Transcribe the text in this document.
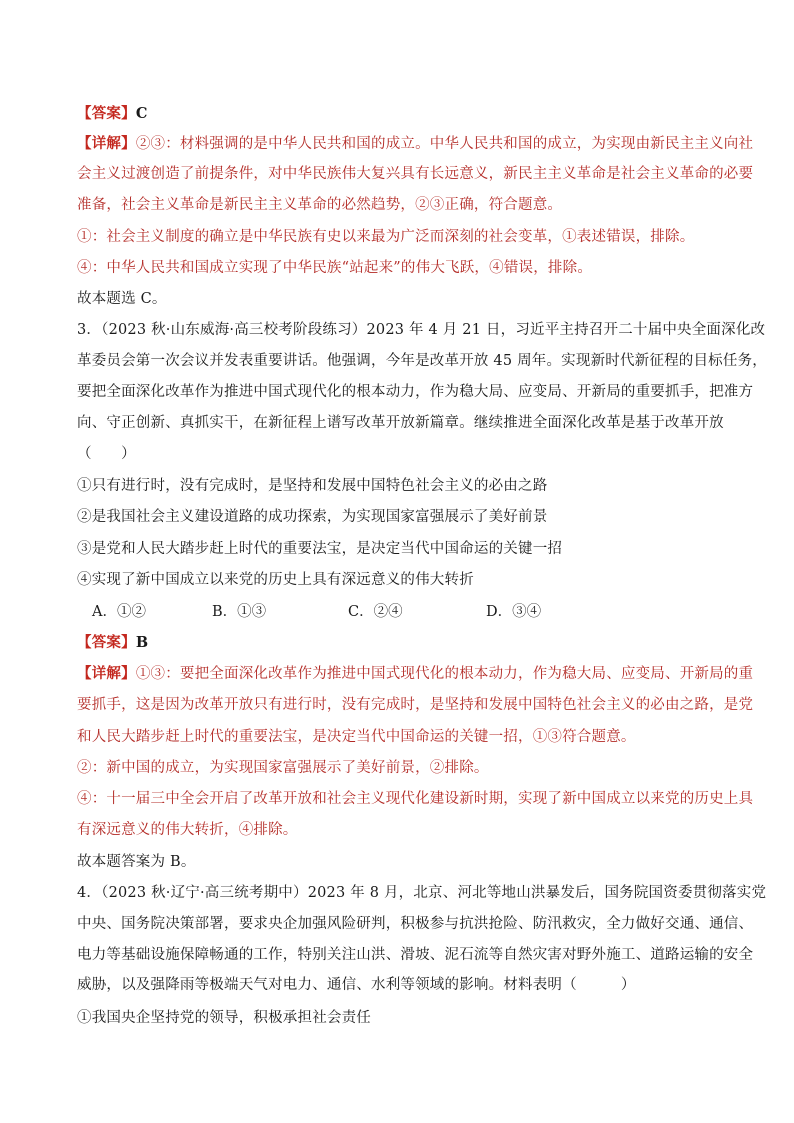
【答案】C
【详解】②③：材料强调的是中华人民共和国的成立。中华人民共和国的成立，为实现由新民主主义向社
会主义过渡创造了前提条件，对中华民族伟大复兴具有长远意义，新民主主义革命是社会主义革命的必要
准备，社会主义革命是新民主主义革命的必然趋势，②③正确，符合题意。
①：社会主义制度的确立是中华民族有史以来最为广泛而深刻的社会变革，①表述错误，排除。
④：中华人民共和国成立实现了中华民族“站起来”的伟大飞跃，④错误，排除。
故本题选 C。
3．（2023 秋·山东威海·高三校考阶段练习）2023 年 4 月 21 日，习近平主持召开二十届中央全面深化改
革委员会第一次会议并发表重要讲话。他强调，今年是改革开放 45 周年。实现新时代新征程的目标任务，
要把全面深化改革作为推进中国式现代化的根本动力，作为稳大局、应变局、开新局的重要抓手，把准方
向、守正创新、真抓实干，在新征程上谱写改革开放新篇章。继续推进全面深化改革是基于改革开放
（　　）
①只有进行时，没有完成时，是坚持和发展中国特色社会主义的必由之路
②是我国社会主义建设道路的成功探索，为实现国家富强展示了美好前景
③是党和人民大踏步赶上时代的重要法宝，是决定当代中国命运的关键一招
④实现了新中国成立以来党的历史上具有深远意义的伟大转折
A．①②	B．①③	C．②④	D．③④
【答案】B
【详解】①③：要把全面深化改革作为推进中国式现代化的根本动力，作为稳大局、应变局、开新局的重
要抓手，这是因为改革开放只有进行时，没有完成时，是坚持和发展中国特色社会主义的必由之路，是党
和人民大踏步赶上时代的重要法宝，是决定当代中国命运的关键一招，①③符合题意。
②：新中国的成立，为实现国家富强展示了美好前景，②排除。
④：十一届三中全会开启了改革开放和社会主义现代化建设新时期，实现了新中国成立以来党的历史上具
有深远意义的伟大转折，④排除。
故本题答案为 B。
4．（2023 秋·辽宁·高三统考期中）2023 年 8 月，北京、河北等地山洪暴发后，国务院国资委贯彻落实党
中央、国务院决策部署，要求央企加强风险研判，积极参与抗洪抢险、防汛救灾，全力做好交通、通信、
电力等基础设施保障畅通的工作，特别关注山洪、滑坡、泥石流等自然灾害对野外施工、道路运输的安全
威胁，以及强降雨等极端天气对电力、通信、水利等领域的影响。材料表明（　　　）
①我国央企坚持党的领导，积极承担社会责任
